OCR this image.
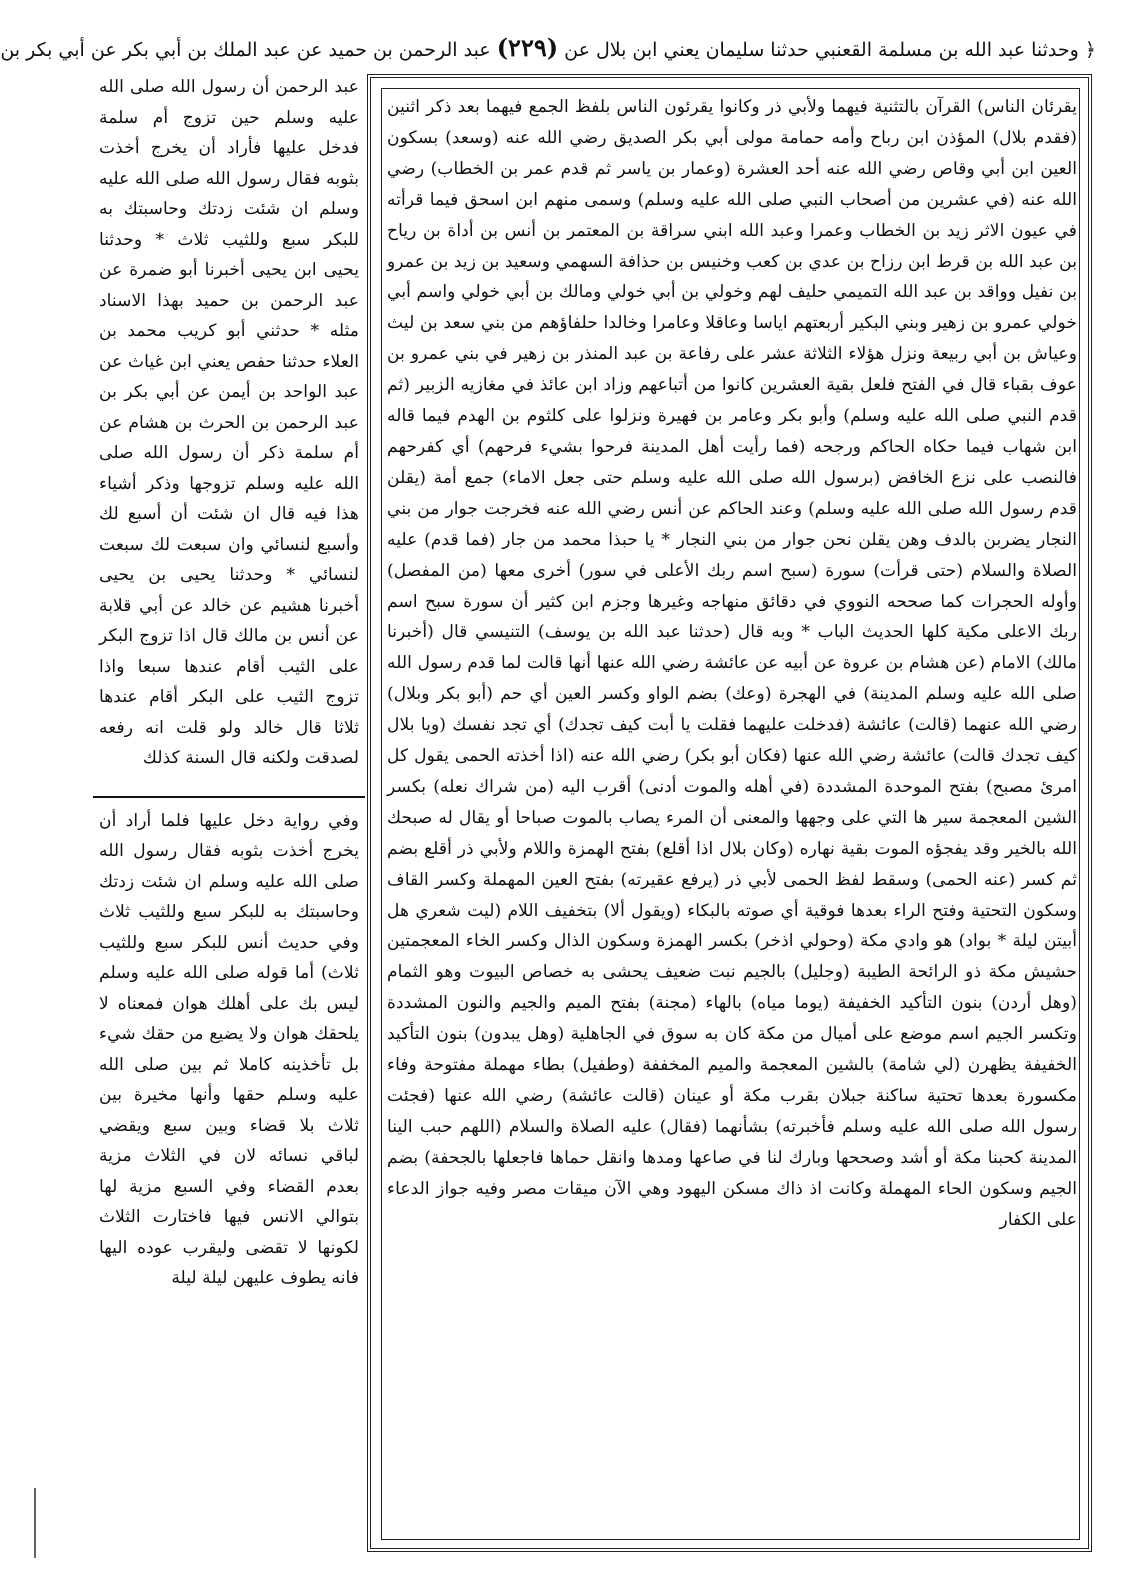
﴿ وحدثنا عبد الله بن مسلمة القعنبي حدثنا سليمان يعني ابن بلال عن (٢٢٩) عبد الرحمن بن حميد عن عبد الملك بن أبي بكر عن أبي بكر بن

عبد الرحمن أن رسول الله صلى الله عليه وسلم حين تزوج أم سلمة فدخل عليها فأراد أن يخرج أخذت بثوبه فقال رسول الله صلى الله عليه وسلم ان شئت زدتك وحاسبتك به للبكر سبع وللثيب ثلاث * وحدثنا يحيى ابن يحيى أخبرنا أبو ضمرة عن عبد الرحمن بن حميد بهذا الاسناد مثله * حدثني أبو كريب محمد بن العلاء حدثنا حفص يعني ابن غياث عن عبد الواحد بن أيمن عن أبي بكر بن عبد الرحمن بن الحرث بن هشام عن أم سلمة ذكر أن رسول الله صلى الله عليه وسلم تزوجها وذكر أشياء هذا فيه قال ان شئت أن أسبع لك وأسبع لنسائي وان سبعت لك سبعت لنسائي * وحدثنا يحيى بن يحيى أخبرنا هشيم عن خالد عن أبي قلابة عن أنس بن مالك قال اذا تزوج البكر على الثيب أقام عندها سبعا واذا تزوج الثيب على البكر أقام عندها ثلاثا قال خالد ولو قلت انه رفعه لصدقت ولكنه قال السنة كذلك

وفي رواية دخل عليها فلما أراد أن يخرج أخذت بثوبه فقال رسول الله صلى الله عليه وسلم ان شئت زدتك وحاسبتك به للبكر سبع وللثيب ثلاث وفي حديث أنس للبكر سبع وللثيب ثلاث) أما قوله صلى الله عليه وسلم ليس بك على أهلك هوان فمعناه لا يلحقك هوان ولا يضيع من حقك شيء بل تأخذينه كاملا ثم بين صلى الله عليه وسلم حقها وأنها مخيرة بين ثلاث بلا قضاء وبين سبع ويقضي لباقي نسائه لان في الثلاث مزية بعدم القضاء وفي السبع مزية لها بتوالي الانس فيها فاختارت الثلاث لكونها لا تقضى وليقرب عوده اليها فانه يطوف عليهن ليلة ليلة

يقرئان الناس) القرآن بالتثنية فيهما ولأبي ذر وكانوا يقرئون الناس بلفظ الجمع فيهما بعد ذكر اثنين (فقدم بلال) المؤذن ابن رباح وأمه حمامة مولى أبي بكر الصديق رضي الله عنه (وسعد) بسكون العين ابن أبي وقاص رضي الله عنه أحد العشرة (وعمار بن ياسر ثم قدم عمر بن الخطاب) رضي الله عنه (في عشرين من أصحاب النبي صلى الله عليه وسلم) وسمى منهم ابن اسحق فيما قرأته في عيون الاثر زيد بن الخطاب وعمرا وعبد الله ابني سراقة بن المعتمر بن أنس بن أداة بن رياح بن عبد الله بن قرط ابن رزاح بن عدي بن كعب وخنيس بن حذافة السهمي وسعيد بن زيد بن عمرو بن نفيل وواقد بن عبد الله التميمي حليف لهم وخولي بن أبي خولي ومالك بن أبي خولي واسم أبي خولي عمرو بن زهير وبني البكير أربعتهم اياسا وعاقلا وعامرا وخالدا حلفاؤهم من بني سعد بن ليث وعياش بن أبي ربيعة ونزل هؤلاء الثلاثة عشر على رفاعة بن عبد المنذر بن زهير في بني عمرو بن عوف بقباء قال في الفتح فلعل بقية العشرين كانوا من أتباعهم وزاد ابن عائذ في مغازيه الزبير (ثم قدم النبي صلى الله عليه وسلم) وأبو بكر وعامر بن فهيرة ونزلوا على كلثوم بن الهدم فيما قاله ابن شهاب فيما حكاه الحاكم ورجحه (فما رأيت أهل المدينة فرحوا بشيء فرحهم) أي كفرحهم فالنصب على نزع الخافض (برسول الله صلى الله عليه وسلم حتى جعل الاماء) جمع أمة (يقلن قدم رسول الله صلى الله عليه وسلم) وعند الحاكم عن أنس رضي الله عنه فخرجت جوار من بني النجار يضربن بالدف وهن يقلن نحن جوار من بني النجار * يا حبذا محمد من جار (فما قدم) عليه الصلاة والسلام (حتى قرأت) سورة (سبح اسم ربك الأعلى في سور) أخرى معها (من المفصل) وأوله الحجرات كما صححه النووي في دقائق منهاجه وغيرها وجزم ابن كثير أن سورة سبح اسم ربك الاعلى مكية كلها الحديث الباب * وبه قال (حدثنا عبد الله بن يوسف) التنيسي قال (أخبرنا مالك) الامام (عن هشام بن عروة عن أبيه عن عائشة رضي الله عنها أنها قالت لما قدم رسول الله صلى الله عليه وسلم المدينة) في الهجرة (وعك) بضم الواو وكسر العين أي حم (أبو بكر وبلال) رضي الله عنهما (قالت) عائشة (فدخلت عليهما فقلت يا أبت كيف تجدك) أي تجد نفسك (ويا بلال كيف تجدك قالت) عائشة رضي الله عنها (فكان أبو بكر) رضي الله عنه (اذا أخذته الحمى يقول كل امرئ مصبح) بفتح الموحدة المشددة (في أهله والموت أدنى) أقرب اليه (من شراك نعله) بكسر الشين المعجمة سير ها التي على وجهها والمعنى أن المرء يصاب بالموت صباحا أو يقال له صبحك الله بالخير وقد يفجؤه الموت بقية نهاره (وكان بلال اذا أقلع) بفتح الهمزة واللام ولأبي ذر أقلع بضم ثم كسر (عنه الحمى) وسقط لفظ الحمى لأبي ذر (يرفع عقيرته) بفتح العين المهملة وكسر القاف وسكون التحتية وفتح الراء بعدها فوقية أي صوته بالبكاء (ويقول ألا) بتخفيف اللام (ليت شعري هل أبيتن ليلة * بواد) هو وادي مكة (وحولي اذخر) بكسر الهمزة وسكون الذال وكسر الخاء المعجمتين حشيش مكة ذو الرائحة الطيبة (وجليل) بالجيم نبت ضعيف يحشى به خصاص البيوت وهو الثمام (وهل أردن) بنون التأكيد الخفيفة (يوما مياه) بالهاء (مجنة) بفتح الميم والجيم والنون المشددة وتكسر الجيم اسم موضع على أميال من مكة كان به سوق في الجاهلية (وهل يبدون) بنون التأكيد الخفيفة يظهرن (لي شامة) بالشين المعجمة والميم المخففة (وطفيل) بطاء مهملة مفتوحة وفاء مكسورة بعدها تحتية ساكنة جبلان بقرب مكة أو عينان (قالت عائشة) رضي الله عنها (فجئت رسول الله صلى الله عليه وسلم فأخبرته) بشأنهما (فقال) عليه الصلاة والسلام (اللهم حبب الينا المدينة كحبنا مكة أو أشد وصححها وبارك لنا في صاعها ومدها وانقل حماها فاجعلها بالجحفة) بضم الجيم وسكون الحاء المهملة وكانت اذ ذاك مسكن اليهود وهي الآن ميقات مصر وفيه جواز الدعاء على الكفار
